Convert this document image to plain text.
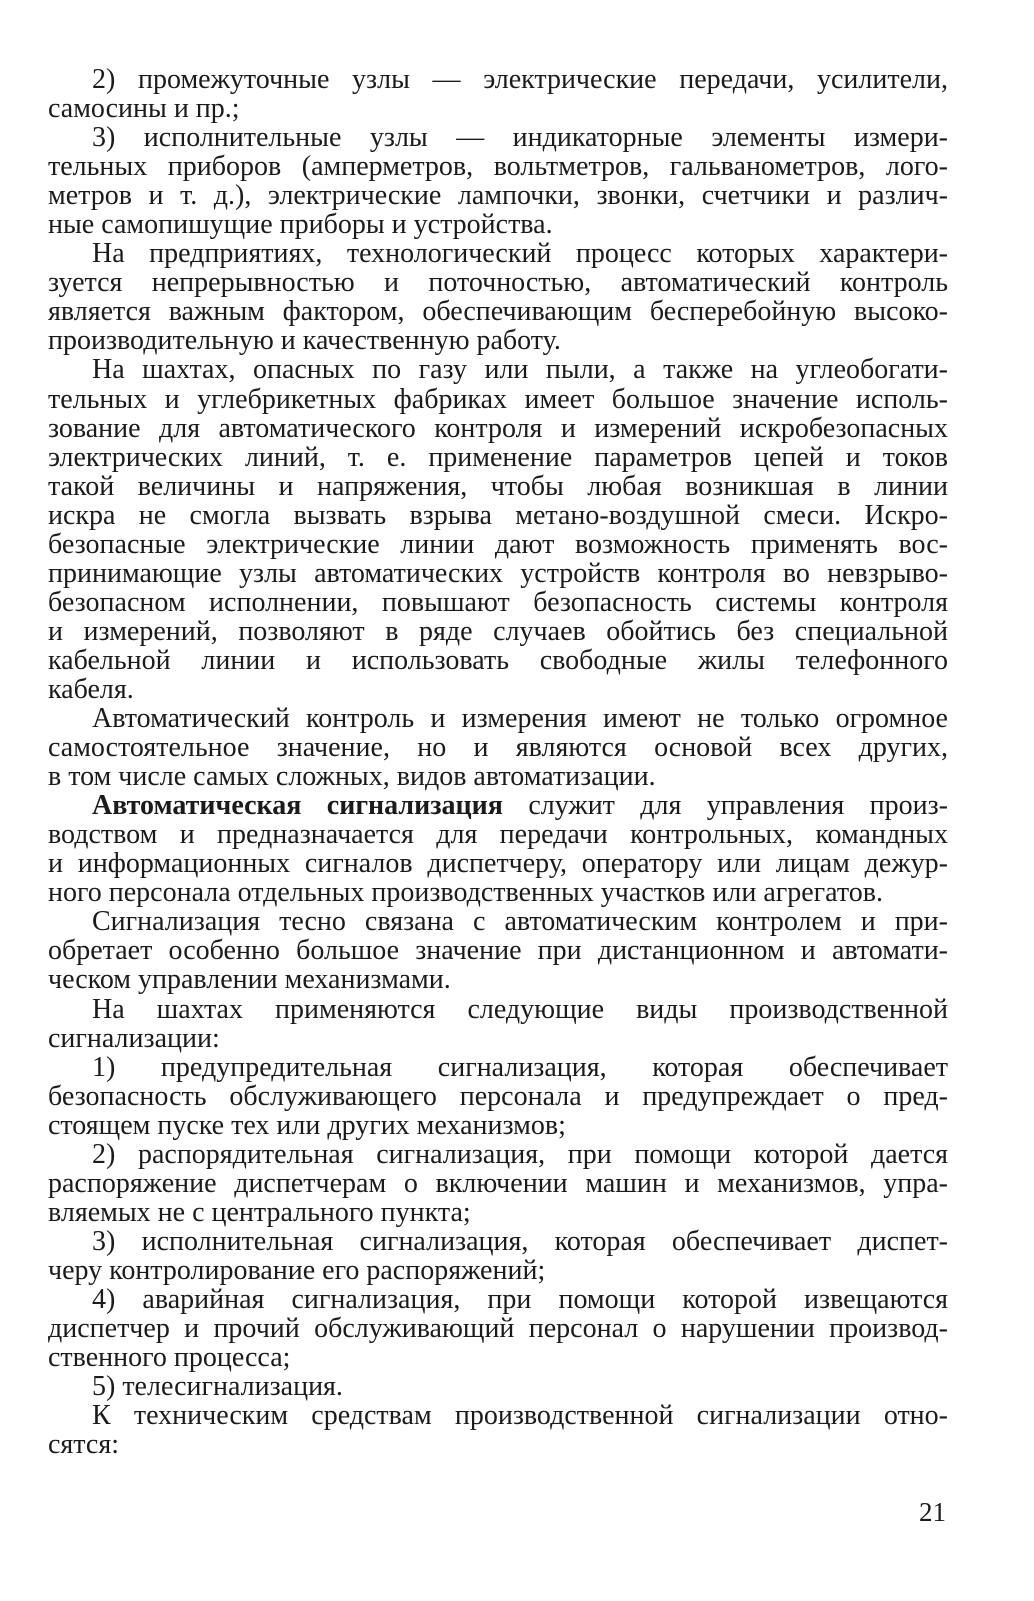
2) промежуточные узлы — электрические передачи, усилители,
самосины и пр.;
3) исполнительные узлы — индикаторные элементы измери-
тельных приборов (амперметров, вольтметров, гальванометров, лого-
метров и т. д.), электрические лампочки, звонки, счетчики и различ-
ные самопишущие приборы и устройства.
На предприятиях, технологический процесс которых характери-
зуется непрерывностью и поточностью, автоматический контроль
является важным фактором, обеспечивающим бесперебойную высоко-
производительную и качественную работу.
На шахтах, опасных по газу или пыли, а также на углеобогати-
тельных и углебрикетных фабриках имеет большое значение исполь-
зование для автоматического контроля и измерений искробезопасных
электрических линий, т. е. применение параметров цепей и токов
такой величины и напряжения, чтобы любая возникшая в линии
искра не смогла вызвать взрыва метано-воздушной смеси. Искро-
безопасные электрические линии дают возможность применять вос-
принимающие узлы автоматических устройств контроля во невзрыво-
безопасном исполнении, повышают безопасность системы контроля
и измерений, позволяют в ряде случаев обойтись без специальной
кабельной линии и использовать свободные жилы телефонного
кабеля.
Автоматический контроль и измерения имеют не только огромное
самостоятельное значение, но и являются основой всех других,
в том числе самых сложных, видов автоматизации.
Автоматическая сигнализация служит для управления произ-
водством и предназначается для передачи контрольных, командных
и информационных сигналов диспетчеру, оператору или лицам дежур-
ного персонала отдельных производственных участков или агрегатов.
Сигнализация тесно связана с автоматическим контролем и при-
обретает особенно большое значение при дистанционном и автомати-
ческом управлении механизмами.
На шахтах применяются следующие виды производственной
сигнализации:
1) предупредительная сигнализация, которая обеспечивает
безопасность обслуживающего персонала и предупреждает о пред-
стоящем пуске тех или других механизмов;
2) распорядительная сигнализация, при помощи которой дается
распоряжение диспетчерам о включении машин и механизмов, упра-
вляемых не с центрального пункта;
3) исполнительная сигнализация, которая обеспечивает диспет-
черу контролирование его распоряжений;
4) аварийная сигнализация, при помощи которой извещаются
диспетчер и прочий обслуживающий персонал о нарушении производ-
ственного процесса;
5) телесигнализация.
К техническим средствам производственной сигнализации отно-
сятся:
21
